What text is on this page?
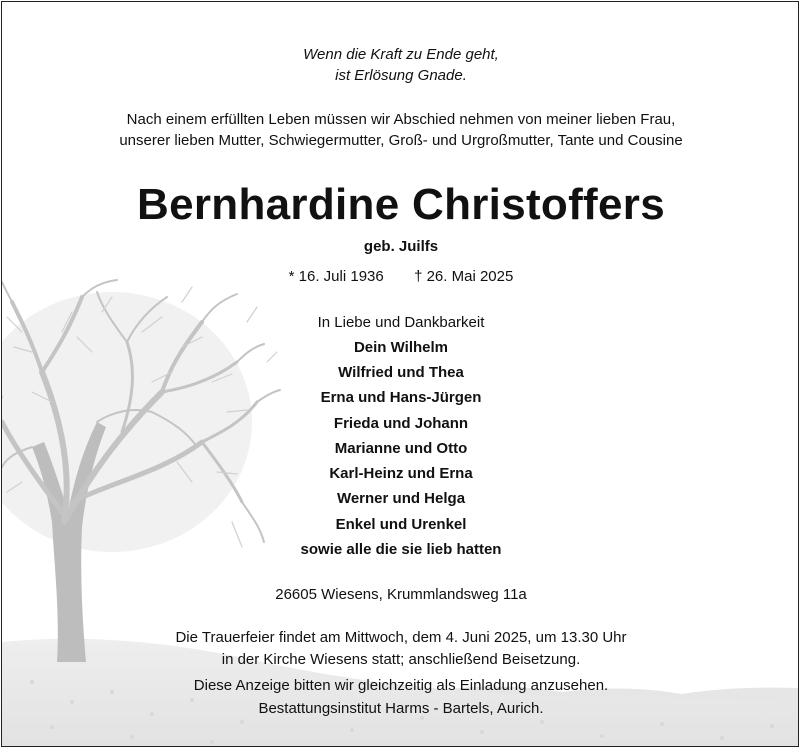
Wenn die Kraft zu Ende geht,
ist Erlösung Gnade.
Nach einem erfüllten Leben müssen wir Abschied nehmen von meiner lieben Frau,
unserer lieben Mutter, Schwiegermutter, Groß- und Urgroßmutter, Tante und Cousine
Bernhardine Christoffers
geb. Juilfs
* 16. Juli 1936 † 26. Mai 2025
In Liebe und Dankbarkeit
Dein Wilhelm
Wilfried und Thea
Erna und Hans-Jürgen
Frieda und Johann
Marianne und Otto
Karl-Heinz und Erna
Werner und Helga
Enkel und Urenkel
sowie alle die sie lieb hatten
26605 Wiesens, Krummlandsweg 11a
Die Trauerfeier findet am Mittwoch, dem 4. Juni 2025, um 13.30 Uhr
in der Kirche Wiesens statt; anschließend Beisetzung.
Diese Anzeige bitten wir gleichzeitig als Einladung anzusehen.
Bestattungsinstitut Harms - Bartels, Aurich.
